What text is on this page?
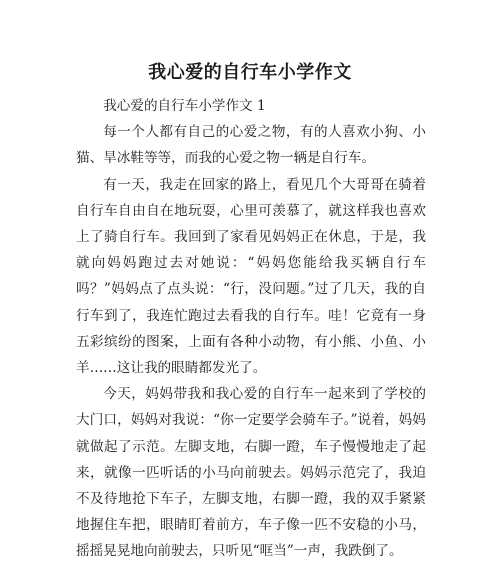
我心爱的自行车小学作文

我心爱的自行车小学作文 1

每一个人都有自己的心爱之物，有的人喜欢小狗、小猫、旱冰鞋等等，而我的心爱之物一辆是自行车。

有一天，我走在回家的路上，看见几个大哥哥在骑着自行车自由自在地玩耍，心里可羡慕了，就这样我也喜欢上了骑自行车。我回到了家看见妈妈正在休息，于是，我就向妈妈跑过去对她说：“妈妈您能给我买辆自行车吗？”妈妈点了点头说：“行，没问题。”过了几天，我的自行车到了，我连忙跑过去看我的自行车。哇！它竟有一身五彩缤纷的图案，上面有各种小动物，有小熊、小鱼、小羊……这让我的眼睛都发光了。

今天，妈妈带我和我心爱的自行车一起来到了学校的大门口，妈妈对我说：“你一定要学会骑车子。”说着，妈妈就做起了示范。左脚支地，右脚一蹬，车子慢慢地走了起来，就像一匹听话的小马向前驶去。妈妈示范完了，我迫不及待地抢下车子，左脚支地，右脚一蹬，我的双手紧紧地握住车把，眼睛盯着前方，车子像一匹不安稳的小马，摇摇晃晃地向前驶去，只听见“哐当”一声，我跌倒了。
